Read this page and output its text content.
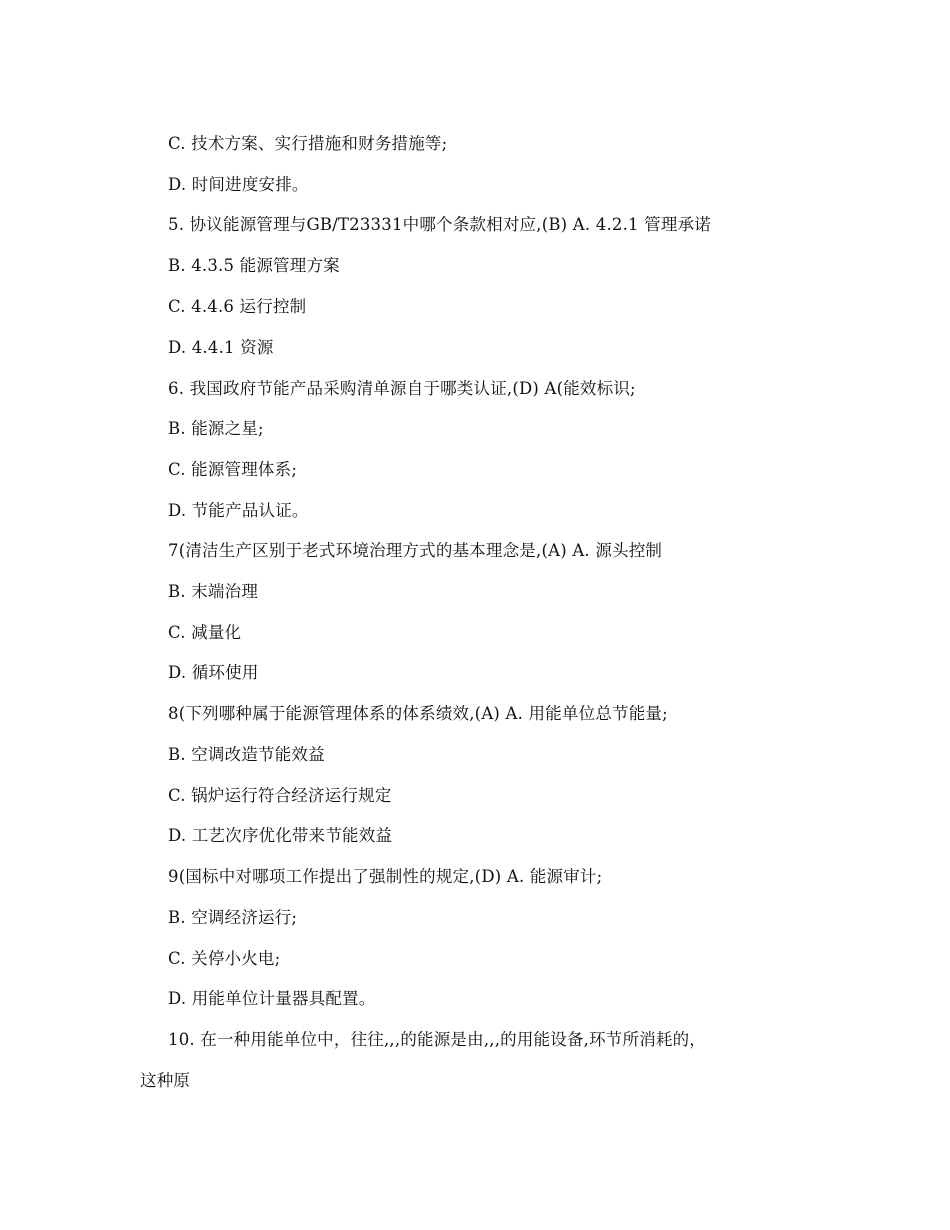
C. 技术方案、实行措施和财务措施等;
D. 时间进度安排。
5. 协议能源管理与GB/T23331中哪个条款相对应,(B) A. 4.2.1 管理承诺
B. 4.3.5 能源管理方案
C. 4.4.6 运行控制
D. 4.4.1 资源
6. 我国政府节能产品采购清单源自于哪类认证,(D) A(能效标识;
B. 能源之星;
C. 能源管理体系;
D. 节能产品认证。
7(清洁生产区别于老式环境治理方式的基本理念是,(A) A. 源头控制
B. 末端治理
C. 减量化
D. 循环使用
8(下列哪种属于能源管理体系的体系绩效,(A) A. 用能单位总节能量;
B. 空调改造节能效益
C. 锅炉运行符合经济运行规定
D. 工艺次序优化带来节能效益
9(国标中对哪项工作提出了强制性的规定,(D) A. 能源审计;
B. 空调经济运行;
C. 关停小火电;
D. 用能单位计量器具配置。
10. 在一种用能单位中，往往,,,的能源是由,,,的用能设备,环节所消耗的，
这种原
